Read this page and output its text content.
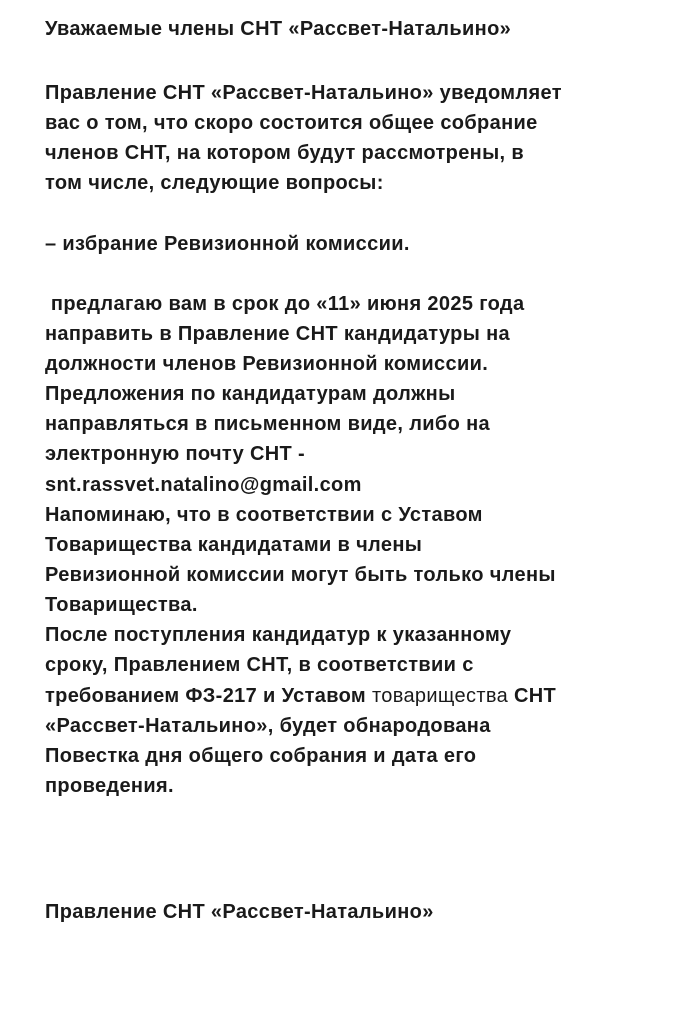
Уважаемые члены СНТ «Рассвет-Натальино»
Правление СНТ «Рассвет-Натальино» уведомляет
вас о том, что скоро состоится общее собрание
членов СНТ, на котором будут рассмотрены, в
том числе, следующие вопросы:
– избрание Ревизионной комиссии.
предлагаю вам в срок до «11» июня 2025 года
направить в Правление СНТ кандидатуры на
должности членов Ревизионной комиссии.
Предложения по кандидатурам должны
направляться в письменном виде, либо на
электронную почту СНТ -
snt.rassvet.natalino@gmail.com
Напоминаю, что в соответствии с Уставом
Товарищества кандидатами в члены
Ревизионной комиссии могут быть только члены
Товарищества.
После поступления кандидатур к указанному
сроку, Правлением СНТ, в соответствии с
требованием ФЗ-217 и Уставом товарищества СНТ
«Рассвет-Натальино», будет обнародована
Повестка дня общего собрания и дата его
проведения.
Правление СНТ «Рассвет-Натальино»
